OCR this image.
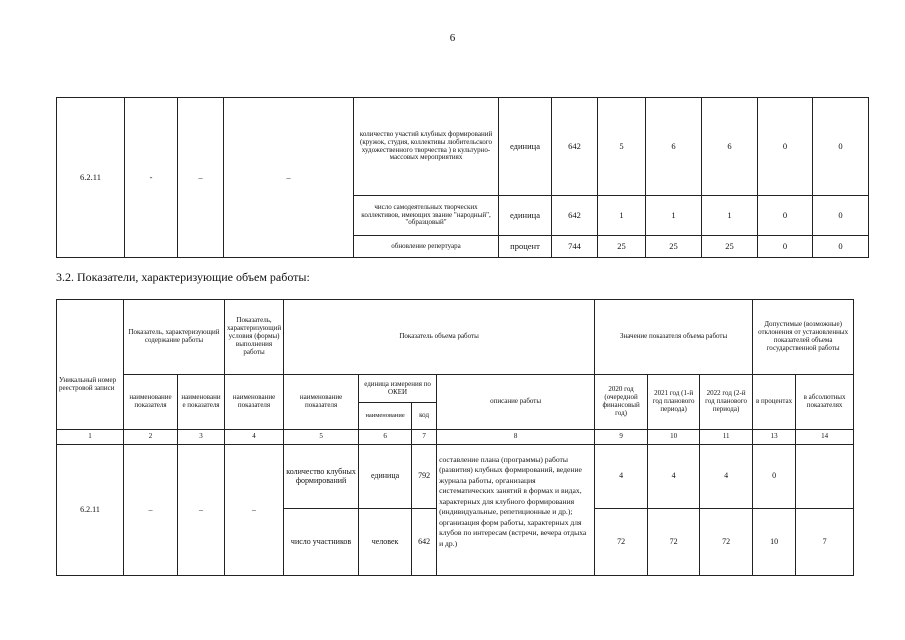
6
6.2.11	-	–	–	количество участий клубных формирований (кружок, студия, коллективы любительского художественного творчества ) в культурно-массовых мероприятиях	единица	642	5	6	6	0	0
				число самодеятельных творческих коллективов, имеющих звание "народный", "образцовый"	единица	642	1	1	1	0	0
				обновление репертуара	процент	744	25	25	25	0	0
3.2. Показатели, характеризующие объем работы:
Уникальный номер реестровой записи	Показатель, характеризующий содержание работы		Показатель, характеризующий условия (формы) выполнения работы	Показатель объема работы				Значение показателя объема работы			Допустимые (возможные) отклонения от установленных показателей объема государственной работы	
	наименование показателя	наименовани е показателя	наименование показателя	наименование показателя	единица измерения по ОКЕИ		описание работы	2020 год (очередной финансовый год)	2021 год (1-й год планового периода)	2022 год (2-й год планового периода)	в процентах	в абсолютных показателях
					наименование	код						
1	2	3	4	5	6	7	8	9	10	11	13	14
6.2.11	–	–	–	количество клубных формирований	единица	792	составление плана (программы) работы (развития) клубных формирований, ведение журнала работы, организация систематических занятий в формах и видах, характерных для клубного формирования (индивидуальные, репетиционные и др.); организация форм работы, характерных для клубов по интересам (встречи, вечера отдыха и др.)	4	4	4	0	
				число участников	человек	642		72	72	72	10	7
